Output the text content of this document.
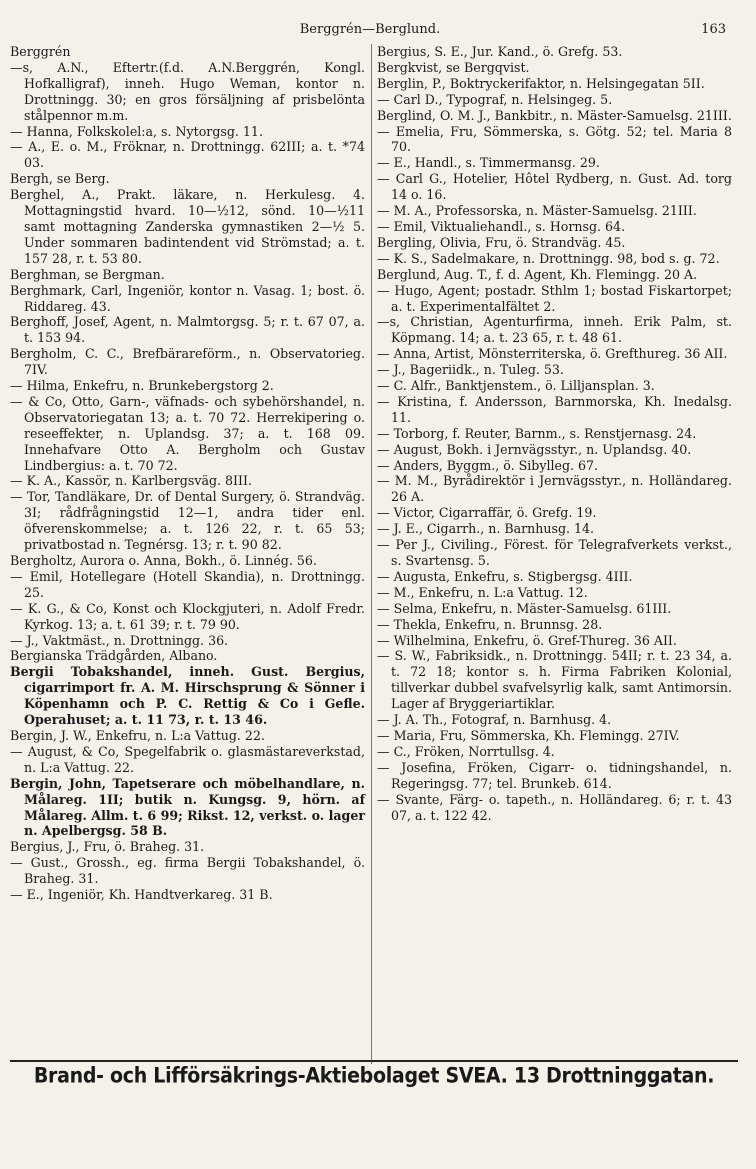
Berggrén—Berglund.	163
Berggrén
—s, A.N., Eftertr.(f.d. A.N.Berggrén, Kongl. Hofkalligraf), inneh. Hugo Weman, kontor n. Drottningg. 30; en gros försäljning af prisbelönta stålpennor m.m.
— Hanna, Folkskolel:a, s. Nytorgsg. 11.
— A., E. o. M., Fröknar, n. Drottningg. 62III; a. t. *74 03.
Bergh, se Berg.
Berghel, A., Prakt. läkare, n. Herkulesg. 4. Mottagningstid hvard. 10—½12, sönd. 10—½11 samt mottagning Zanderska gymnastiken 2—½ 5. Under sommaren badintendent vid Strömstad; a. t. 157 28, r. t. 53 80.
Berghman, se Bergman.
Berghmark, Carl, Ingeniör, kontor n. Vasag. 1; bost. ö. Riddareg. 43.
Berghoff, Josef, Agent, n. Malmtorgsg. 5; r. t. 67 07, a. t. 153 94.
Bergholm, C. C., Brefbärareförm., n. Observatorieg. 7IV.
— Hilma, Enkefru, n. Brunkebergstorg 2.
— & Co, Otto, Garn-, väfnads- och sybehörshandel, n. Observatoriegatan 13; a. t. 70 72. Herrekipering o. reseeffekter, n. Uplandsg. 37; a. t. 168 09. Innehafvare Otto A. Bergholm och Gustav Lindbergius: a. t. 70 72.
— K. A., Kassör, n. Karlbergsväg. 8III.
— Tor, Tandläkare, Dr. of Dental Surgery, ö. Strandväg. 3I; rådfrågningstid 12—1, andra tider enl. öfverenskommelse; a. t. 126 22, r. t. 65 53; privatbostad n. Tegnérsg. 13; r. t. 90 82.
Bergholtz, Aurora o. Anna, Bokh., ö. Linnég. 56.
— Emil, Hotellegare (Hotell Skandia), n. Drottningg. 25.
— K. G., & Co, Konst och Klockgjuteri, n. Adolf Fredr. Kyrkog. 13; a. t. 61 39; r. t. 79 90.
— J., Vaktmäst., n. Drottningg. 36.
Bergianska Trädgården, Albano.
Bergii Tobakshandel, inneh. Gust. Bergius, cigarrimport fr. A. M. Hirschsprung & Sönner i Köpenhamn och P. C. Rettig & Co i Gefle. Operahuset; a. t. 11 73, r. t. 13 46.
Bergin, J. W., Enkefru, n. L:a Vattug. 22.
— August, & Co, Spegelfabrik o. glasmästareverkstad, n. L:a Vattug. 22.
Bergin, John, Tapetserare och möbelhandlare, n. Målareg. 1II; butik n. Kungsg. 9, hörn. af Målareg. Allm. t. 6 99; Rikst. 12, verkst. o. lager n. Apelbergsg. 58 B.
Bergius, J., Fru, ö. Braheg. 31.
— Gust., Grossh., eg. firma Bergii Tobakshandel, ö. Braheg. 31.
— E., Ingeniör, Kh. Handtverkareg. 31 B.
Bergius, S. E., Jur. Kand., ö. Grefg. 53.
Bergkvist, se Bergqvist.
Berglin, P., Boktryckerifaktor, n. Helsingegatan 5II.
— Carl D., Typograf, n. Helsingeg. 5.
Berglind, O. M. J., Bankbitr., n. Mäster-Samuelsg. 21III.
— Emelia, Fru, Sömmerska, s. Götg. 52; tel. Maria 8 70.
— E., Handl., s. Timmermansg. 29.
— Carl G., Hotelier, Hôtel Rydberg, n. Gust. Ad. torg 14 o. 16.
— M. A., Professorska, n. Mäster-Samuelsg. 21III.
— Emil, Viktualiehandl., s. Hornsg. 64.
Bergling, Olivia, Fru, ö. Strandväg. 45.
— K. S., Sadelmakare, n. Drottningg. 98, bod s. g. 72.
Berglund, Aug. T., f. d. Agent, Kh. Flemingg. 20 A.
— Hugo, Agent; postadr. Sthlm 1; bostad Fiskartorpet; a. t. Experimentalfältet 2.
—s, Christian, Agenturfirma, inneh. Erik Palm, st. Köpmang. 14; a. t. 23 65, r. t. 48 61.
— Anna, Artist, Mönsterriterska, ö. Grefthureg. 36 AII.
— J., Bageriidk., n. Tuleg. 53.
— C. Alfr., Banktjenstem., ö. Lilljansplan. 3.
— Kristina, f. Andersson, Barnmorska, Kh. Inedalsg. 11.
— Torborg, f. Reuter, Barnm., s. Renstjernasg. 24.
— August, Bokh. i Jernvägsstyr., n. Uplandsg. 40.
— Anders, Byggm., ö. Sibylleg. 67.
— M. M., Byrådirektör i Jernvägsstyr., n. Holländareg. 26 A.
— Victor, Cigarraffär, ö. Grefg. 19.
— J. E., Cigarrh., n. Barnhusg. 14.
— Per J., Civiling., Förest. för Telegrafverkets verkst., s. Svartensg. 5.
— Augusta, Enkefru, s. Stigbergsg. 4III.
— M., Enkefru, n. L:a Vattug. 12.
— Selma, Enkefru, n. Mäster-Samuelsg. 61III.
— Thekla, Enkefru, n. Brunnsg. 28.
— Wilhelmina, Enkefru, ö. Gref-Thureg. 36 AII.
— S. W., Fabriksidk., n. Drottningg. 54II; r. t. 23 34, a. t. 72 18; kontor s. h. Firma Fabriken Kolonial, tillverkar dubbel svafvelsyrlig kalk, samt Antimorsin. Lager af Bryggeriartiklar.
— J. A. Th., Fotograf, n. Barnhusg. 4.
— Maria, Fru, Sömmerska, Kh. Flemingg. 27IV.
— C., Fröken, Norrtullsg. 4.
— Josefina, Fröken, Cigarr- o. tidningshandel, n. Regeringsg. 77; tel. Brunkeb. 614.
— Svante, Färg- o. tapeth., n. Holländareg. 6; r. t. 43 07, a. t. 122 42.
Brand- och Lifförsäkrings-Aktiebolaget SVEA. 13 Drottninggatan.
